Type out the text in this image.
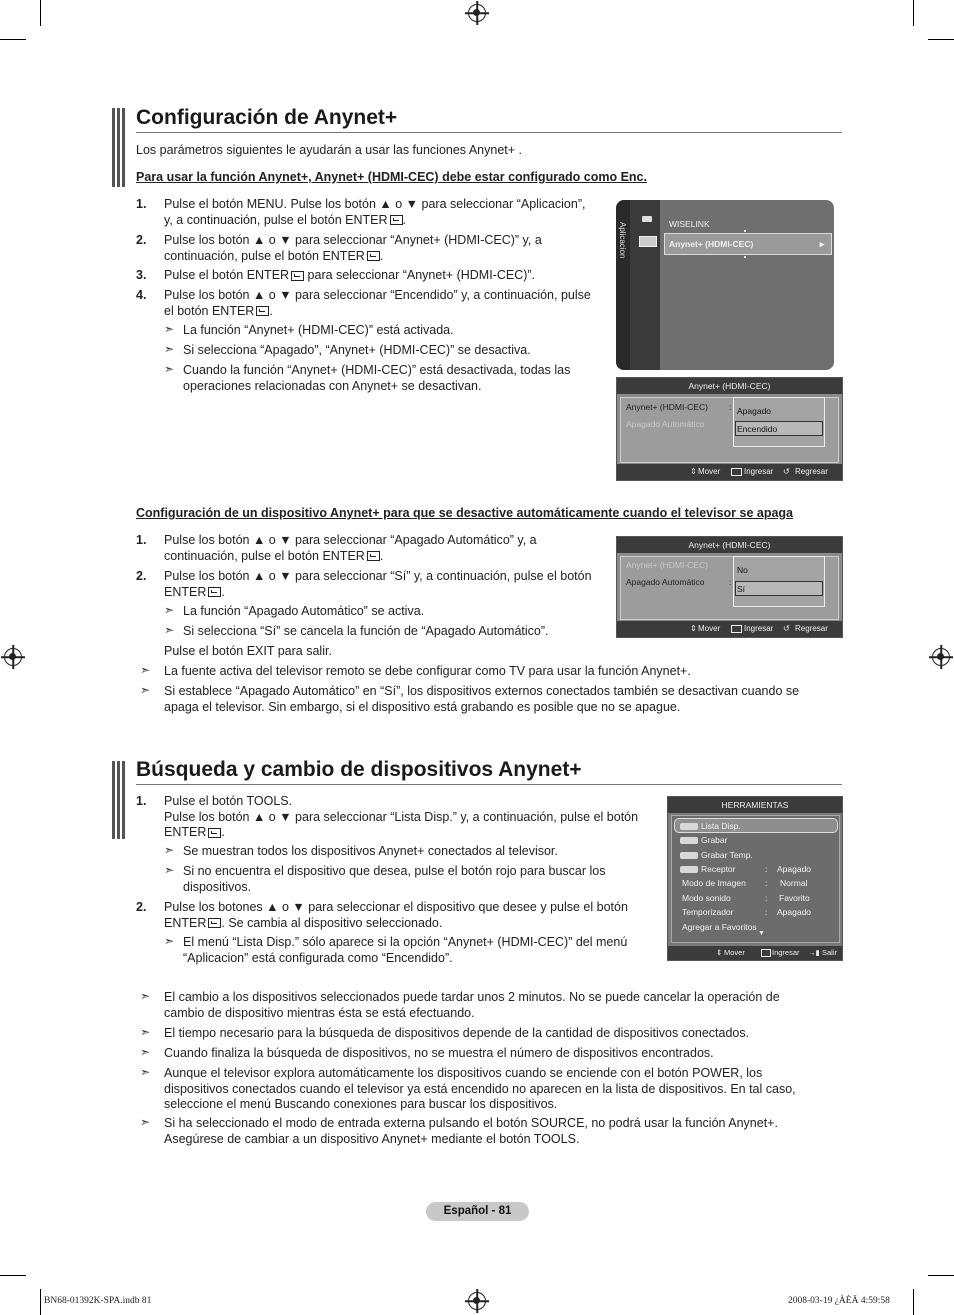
Configuración de Anynet+
Los parámetros siguientes le ayudarán a usar las funciones Anynet+ .
Para usar la función Anynet+, Anynet+ (HDMI-CEC) debe estar configurado como Enc.
1. Pulse el botón MENU. Pulse los botón ▲ o ▼ para seleccionar “Aplicacion”,
y, a continuación, pulse el botón ENTER .
2. Pulse los botón ▲ o ▼ para seleccionar “Anynet+ (HDMI-CEC)” y, a
continuación, pulse el botón ENTER .
3. Pulse el botón ENTER para seleccionar “Anynet+ (HDMI-CEC)”.
4. Pulse los botón ▲ o ▼ para seleccionar “Encendido” y, a continuación, pulse
el botón ENTER .
➣ La función “Anynet+ (HDMI-CEC)” está activada.
➣ Si selecciona “Apagado”, “Anynet+ (HDMI-CEC)” se desactiva.
➣ Cuando la función “Anynet+ (HDMI-CEC)” está desactivada, todas las
operaciones relacionadas con Anynet+ se desactivan.
Aplicacion	WISELINK
Anynet+ (HDMI-CEC)	►
Anynet+ (HDMI-CEC)
Anynet+ (HDMI-CEC)
Apagado Automático
: Apagado
Encendido
⇕ Mover	Ingresar ↺ Regresar
Configuración de un dispositivo Anynet+ para que se desactive automáticamente cuando el televisor se apaga
1. Pulse los botón ▲ o ▼ para seleccionar “Apagado Automático” y, a
continuación, pulse el botón ENTER .
2. Pulse los botón ▲ o ▼ para seleccionar “Sí” y, a continuación, pulse el botón
ENTER .
➣ La función “Apagado Automático” se activa.
➣ Si selecciona “Sí” se cancela la función de “Apagado Automático”.
Pulse el botón EXIT para salir.
➣ La fuente activa del televisor remoto se debe configurar como TV para usar la función Anynet+.
➣ Si establece “Apagado Automático” en “Sí”, los dispositivos externos conectados también se desactivan cuando se
apaga el televisor. Sin embargo, si el dispositivo está grabando es posible que no se apague.
Anynet+ (HDMI-CEC)
Anynet+ (HDMI-CEC)
Apagado Automático	:
No
Sí
⇕ Mover	Ingresar ↺ Regresar
Búsqueda y cambio de dispositivos Anynet+
1. Pulse el botón TOOLS.
Pulse los botón ▲ o ▼ para seleccionar “Lista Disp.” y, a continuación, pulse el botón
ENTER .
➣ Se muestran todos los dispositivos Anynet+ conectados al televisor.
➣ Si no encuentra el dispositivo que desea, pulse el botón rojo para buscar los
dispositivos.
2. Pulse los botones ▲ o ▼ para seleccionar el dispositivo que desee y pulse el botón
ENTER . Se cambia al dispositivo seleccionado.
➣ El menú “Lista Disp.” sólo aparece si la opción “Anynet+ (HDMI-CEC)” del menú
“Aplicacion” está configurada como “Encendido”.
HERRAMIENTAS
Lista Disp.
Grabar
Grabar Temp.
Receptor	: Apagado
Modo de Imagen : Normal
Modo sonido	: Favorito
Temporizador	: Apagado
Agregar a Favoritos
▼
⇕ Mover	Ingresar →▮ Salir
➣ El cambio a los dispositivos seleccionados puede tardar unos 2 minutos. No se puede cancelar la operación de
cambio de dispositivo mientras ésta se está efectuando.
➣ El tiempo necesario para la búsqueda de dispositivos depende de la cantidad de dispositivos conectados.
➣ Cuando finaliza la búsqueda de dispositivos, no se muestra el número de dispositivos encontrados.
➣ Aunque el televisor explora automáticamente los dispositivos cuando se enciende con el botón POWER, los
dispositivos conectados cuando el televisor ya está encendido no aparecen en la lista de dispositivos. En tal caso,
seleccione el menú Buscando conexiones para buscar los dispositivos.
➣ Si ha seleccionado el modo de entrada externa pulsando el botón SOURCE, no podrá usar la función Anynet+.
Asegúrese de cambiar a un dispositivo Anynet+ mediante el botón TOOLS.
Español - 81
BN68-01392K-SPA.indb 81	2008-03-19 ¿ÀÈÄ 4:59:58
